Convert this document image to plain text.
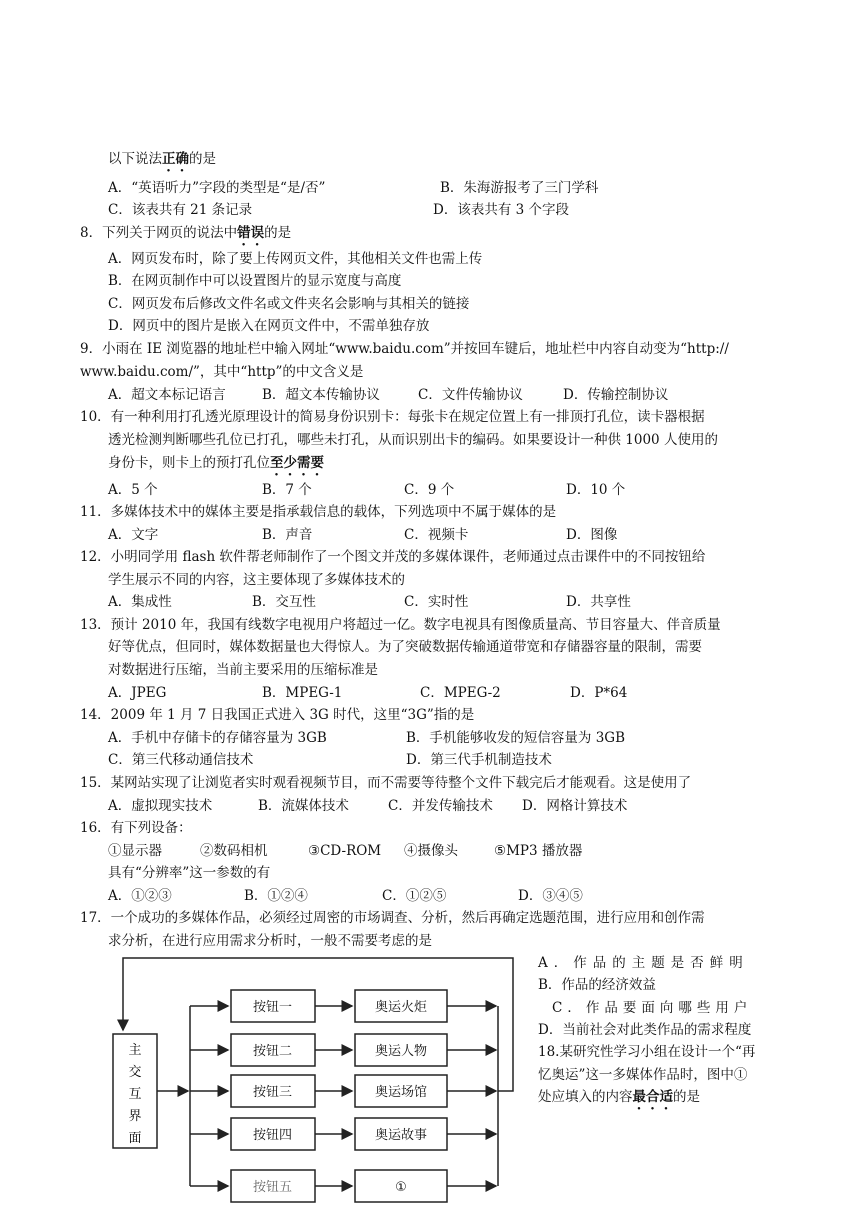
以下说法正确的是
A．“英语听力”字段的类型是“是/否”	B．朱海游报考了三门学科
C．该表共有 21 条记录	D．该表共有 3 个字段
8．下列关于网页的说法中错误的是
A．网页发布时，除了要上传网页文件，其他相关文件也需上传
B．在网页制作中可以设置图片的显示宽度与高度
C．网页发布后修改文件名或文件夹名会影响与其相关的链接
D．网页中的图片是嵌入在网页文件中，不需单独存放
9．小雨在 IE 浏览器的地址栏中输入网址“www.baidu.com”并按回车键后，地址栏中内容自动变为“http://
www.baidu.com/”，其中“http”的中文含义是
A．超文本标记语言	B．超文本传输协议	C．文件传输协议	D．传输控制协议
10．有一种利用打孔透光原理设计的简易身份识别卡：每张卡在规定位置上有一排顶打孔位，读卡器根据
透光检测判断哪些孔位已打孔，哪些未打孔，从而识别出卡的编码。如果要设计一种供 1000 人使用的
身份卡，则卡上的预打孔位至少需要
A．5 个	B．7 个	C．9 个	D．10 个
11．多媒体技术中的媒体主要是指承载信息的载体，下列选项中不属于媒体的是
A．文字	B．声音	C．视频卡	D．图像
12．小明同学用 flash 软件帮老师制作了一个图文并茂的多媒体课件，老师通过点击课件中的不同按钮给
学生展示不同的内容，这主要体现了多媒体技术的
A．集成性	B．交互性	C．实时性	D．共享性
13．预计 2010 年，我国有线数字电视用户将超过一亿。数字电视具有图像质量高、节目容量大、伴音质量
好等优点，但同时，媒体数据量也大得惊人。为了突破数据传输通道带宽和存储器容量的限制，需要
对数据进行压缩，当前主要采用的压缩标准是
A．JPEG	B．MPEG-1	C．MPEG-2	D．P*64
14．2009 年 1 月 7 日我国正式进入 3G 时代，这里“3G”指的是
A．手机中存储卡的存储容量为 3GB	B．手机能够收发的短信容量为 3GB
C．第三代移动通信技术	D．第三代手机制造技术
15．某网站实现了让浏览者实时观看视频节目，而不需要等待整个文件下载完后才能观看。这是使用了
A．虚拟现实技术	B．流媒体技术	C．并发传输技术 D．网格计算技术
16．有下列设备：
①显示器	②数码相机	③CD-ROM ④摄像头	⑤MP3 播放器
具有“分辨率”这一参数的有
A．①②③	B．①②④	C．①②⑤	D．③④⑤
17．一个成功的多媒体作品，必须经过周密的市场调查、分析，然后再确定选题范围，进行应用和创作需
求分析，在进行应用需求分析时，一般不需要考虑的是
A．作品的主题是否鲜明
B．作品的经济效益
C．作品要面向哪些用户
D．当前社会对此类作品的需求程度
18.某研究性学习小组在设计一个“再
忆奥运”这一多媒体作品时，图中①
处应填入的内容最合适的是
主
交
互
界
面
按钮一	奥运火炬
按钮二	奥运人物
按钮三	奥运场馆
按钮四	奥运故事
按钮五	①
